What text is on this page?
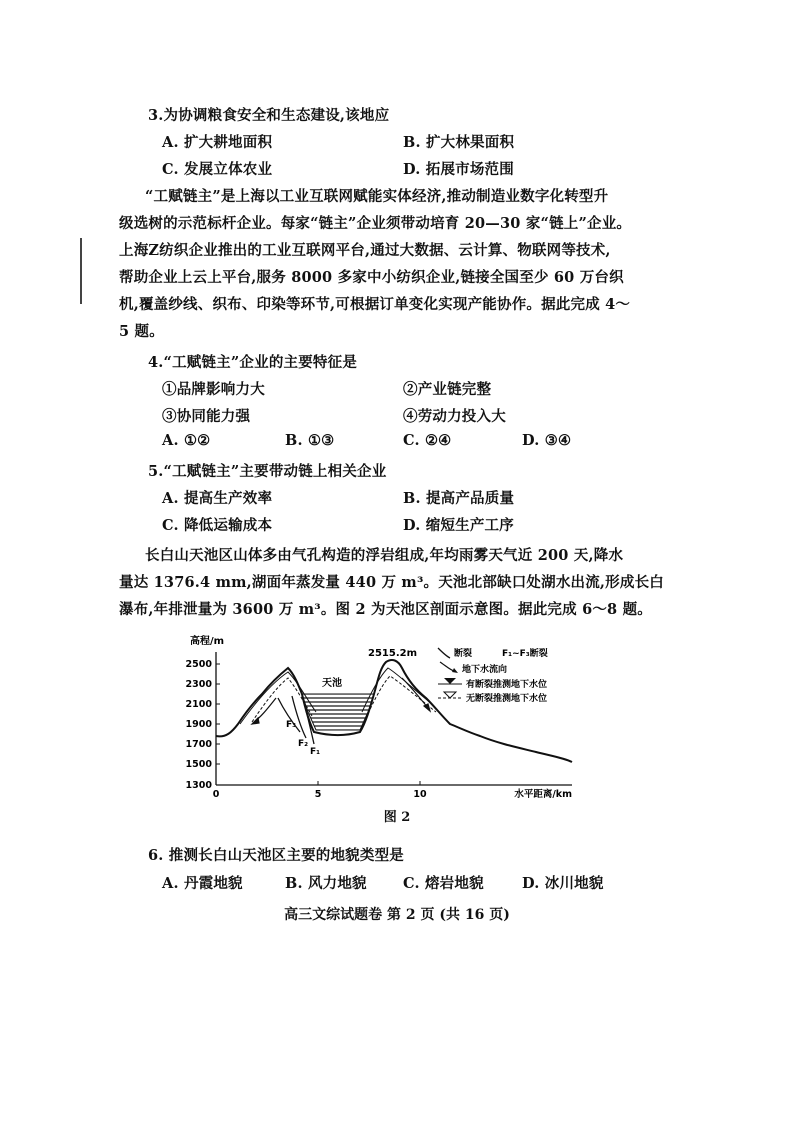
3.为协调粮食安全和生态建设,该地应
A. 扩大耕地面积	B. 扩大林果面积
C. 发展立体农业	D. 拓展市场范围
“工赋链主”是上海以工业互联网赋能实体经济,推动制造业数字化转型升
级选树的示范标杆企业。每家“链主”企业须带动培育 20—30 家“链上”企业。
上海Z纺织企业推出的工业互联网平台,通过大数据、云计算、物联网等技术,
帮助企业上云上平台,服务 8000 多家中小纺织企业,链接全国至少 60 万台织
机,覆盖纱线、织布、印染等环节,可根据订单变化实现产能协作。据此完成 4～
5 题。
4.“工赋链主”企业的主要特征是
①品牌影响力大	②产业链完整
③协同能力强	④劳动力投入大
A. ①②	B. ①③	C. ②④	D. ③④
5.“工赋链主”主要带动链上相关企业
A. 提高生产效率	B. 提高产品质量
C. 降低运输成本	D. 缩短生产工序
长白山天池区山体多由气孔构造的浮岩组成,年均雨雾天气近 200 天,降水
量达 1376.4 mm,湖面年蒸发量 440 万 m³。天池北部缺口处湖水出流,形成长白
瀑布,年排泄量为 3600 万 m³。图 2 为天池区剖面示意图。据此完成 6～8 题。
高程/m
2500
2300
2100
1900
1700
1500
1300
0	5	10	水平距离/km
天池
F₃
F₂
F₁
2515.2m	断裂	F₁~F₃断裂
地下水流向
有断裂推测地下水位
无断裂推测地下水位
图 2
6. 推测长白山天池区主要的地貌类型是
A. 丹霞地貌	B. 风力地貌 C. 熔岩地貌	D. 冰川地貌
高三文综试题卷 第 2 页 (共 16 页)
